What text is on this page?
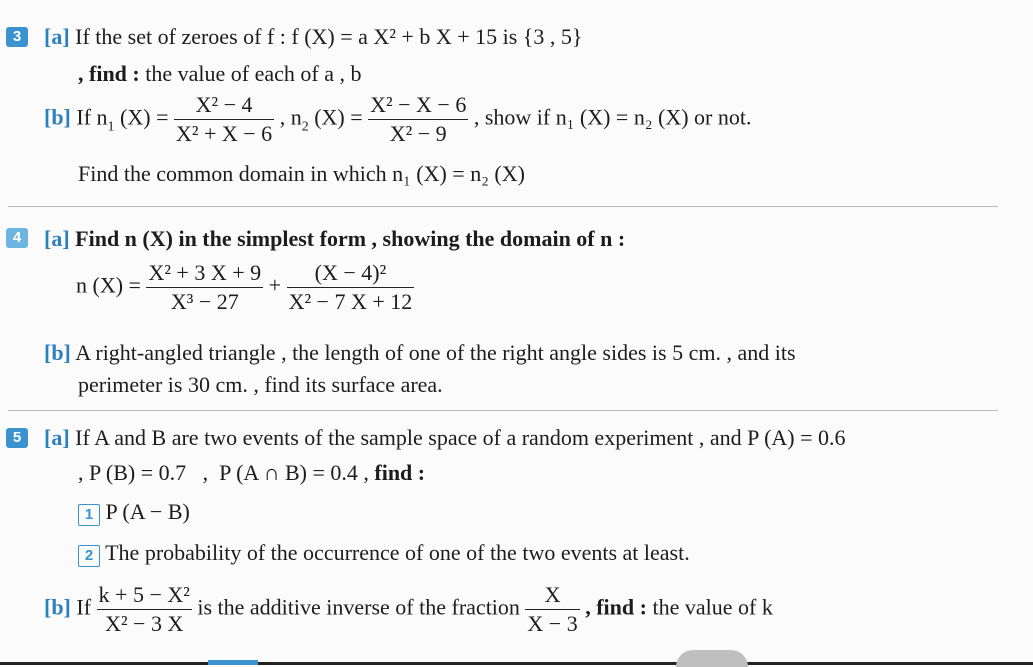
3	[a] If the set of zeroes of f : f (X) = a X² + b X + 15 is {3 , 5}
, find : the value of each of a , b
[b] If $n_1$ $(X) = \frac{\text{X² − 4}}{\text{X² + X − 6}}$ , $n_2$ $(X) = \frac{\text{X² − X − 6}}{\text{X² − 9}}$ , show if n₁ (X) = n₂ (X) or not.
Find the common domain in which n₁ (X) = n₂ (X)
4	[a] Find n (X) in the simplest form , showing the domain of n :
n $(X) = \frac{\text{X² + 3 X + 9}}{\text{X³ − 27}} + \frac{\text{(X − 4)²}}{\text{X² − 7 X + 12}}$
[b] A right-angled triangle , the length of one of the right angle sides is 5 cm. , and its
perimeter is 30 cm. , find its surface area.
5	[a] If A and B are two events of the sample space of a random experiment , and P (A) = 0.6
, P (B) = 0.7   ,  P (A ∩ B) = 0.4 , find :
1 P (A − B)
2 The probability of the occurrence of one of the two events at least.
[b] If $\frac{\text{k + 5 − X²}}{\text{X² − 3 X}}$ is the additive inverse of the fraction $\frac{X}{X - 3}$ , find : the value of k
